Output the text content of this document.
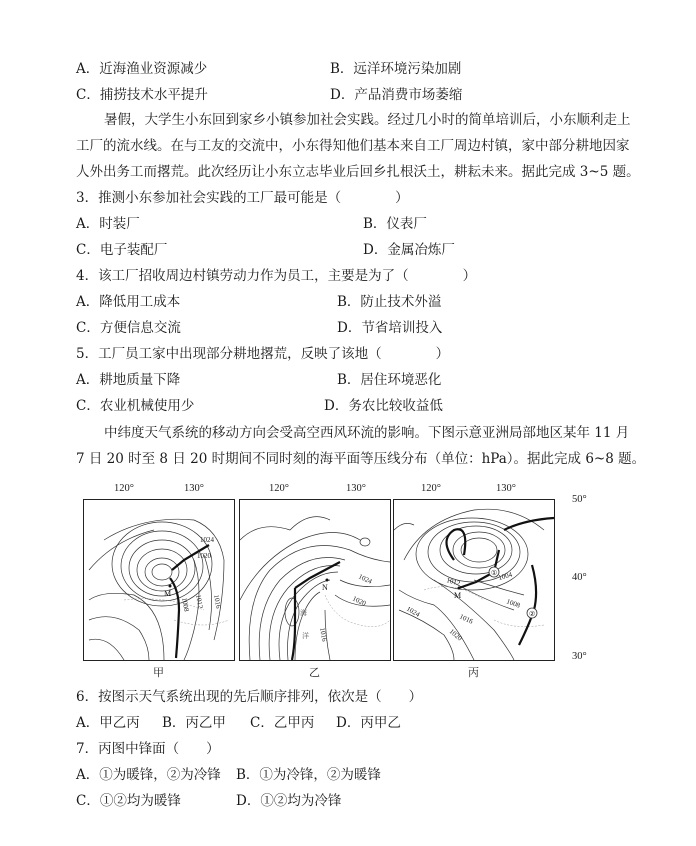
A．近海渔业资源减少	B．远洋环境污染加剧
C．捕捞技术水平提升	D．产品消费市场萎缩
暑假，大学生小东回到家乡小镇参加社会实践。经过几小时的简单培训后，小东顺利走上
工厂的流水线。在与工友的交流中，小东得知他们基本来自工厂周边村镇，家中部分耕地因家
人外出务工而撂荒。此次经历让小东立志毕业后回乡扎根沃土，耕耘未来。据此完成 3~5 题。
3．推测小东参加社会实践的工厂最可能是（　　　　）
A．时装厂	B．仪表厂
C．电子装配厂	D．金属冶炼厂
4．该工厂招收周边村镇劳动力作为员工，主要是为了（　　　　）
A．降低用工成本	B．防止技术外溢
C．方便信息交流	D．节省培训投入
5．工厂员工家中出现部分耕地撂荒，反映了该地（　　　　）
A．耕地质量下降	B．居住环境恶化
C．农业机械使用少	D．务农比较收益低
中纬度天气系统的移动方向会受高空西风环流的影响。下图示意亚洲局部地区某年 11 月
7 日 20 时至 8 日 20 时期间不同时刻的海平面等压线分布（单位：hPa）。据此完成 6~8 题。
120°	130°	120°	130°	120°	130°
M
1024
1020
1016
1012
1008
N
海
洋
1024
1020
1016
①
②
M
1012	1004
1008
1016
1020
1024
50°
40°
30°
甲	乙	丙
6．按图示天气系统出现的先后顺序排列，依次是（　　）
A．甲乙丙 B．丙乙甲 C．乙甲丙 D．丙甲乙
7．丙图中锋面（　　）
A．①为暖锋，②为冷锋 B．①为冷锋，②为暖锋
C．①②均为暖锋	D．①②均为冷锋
